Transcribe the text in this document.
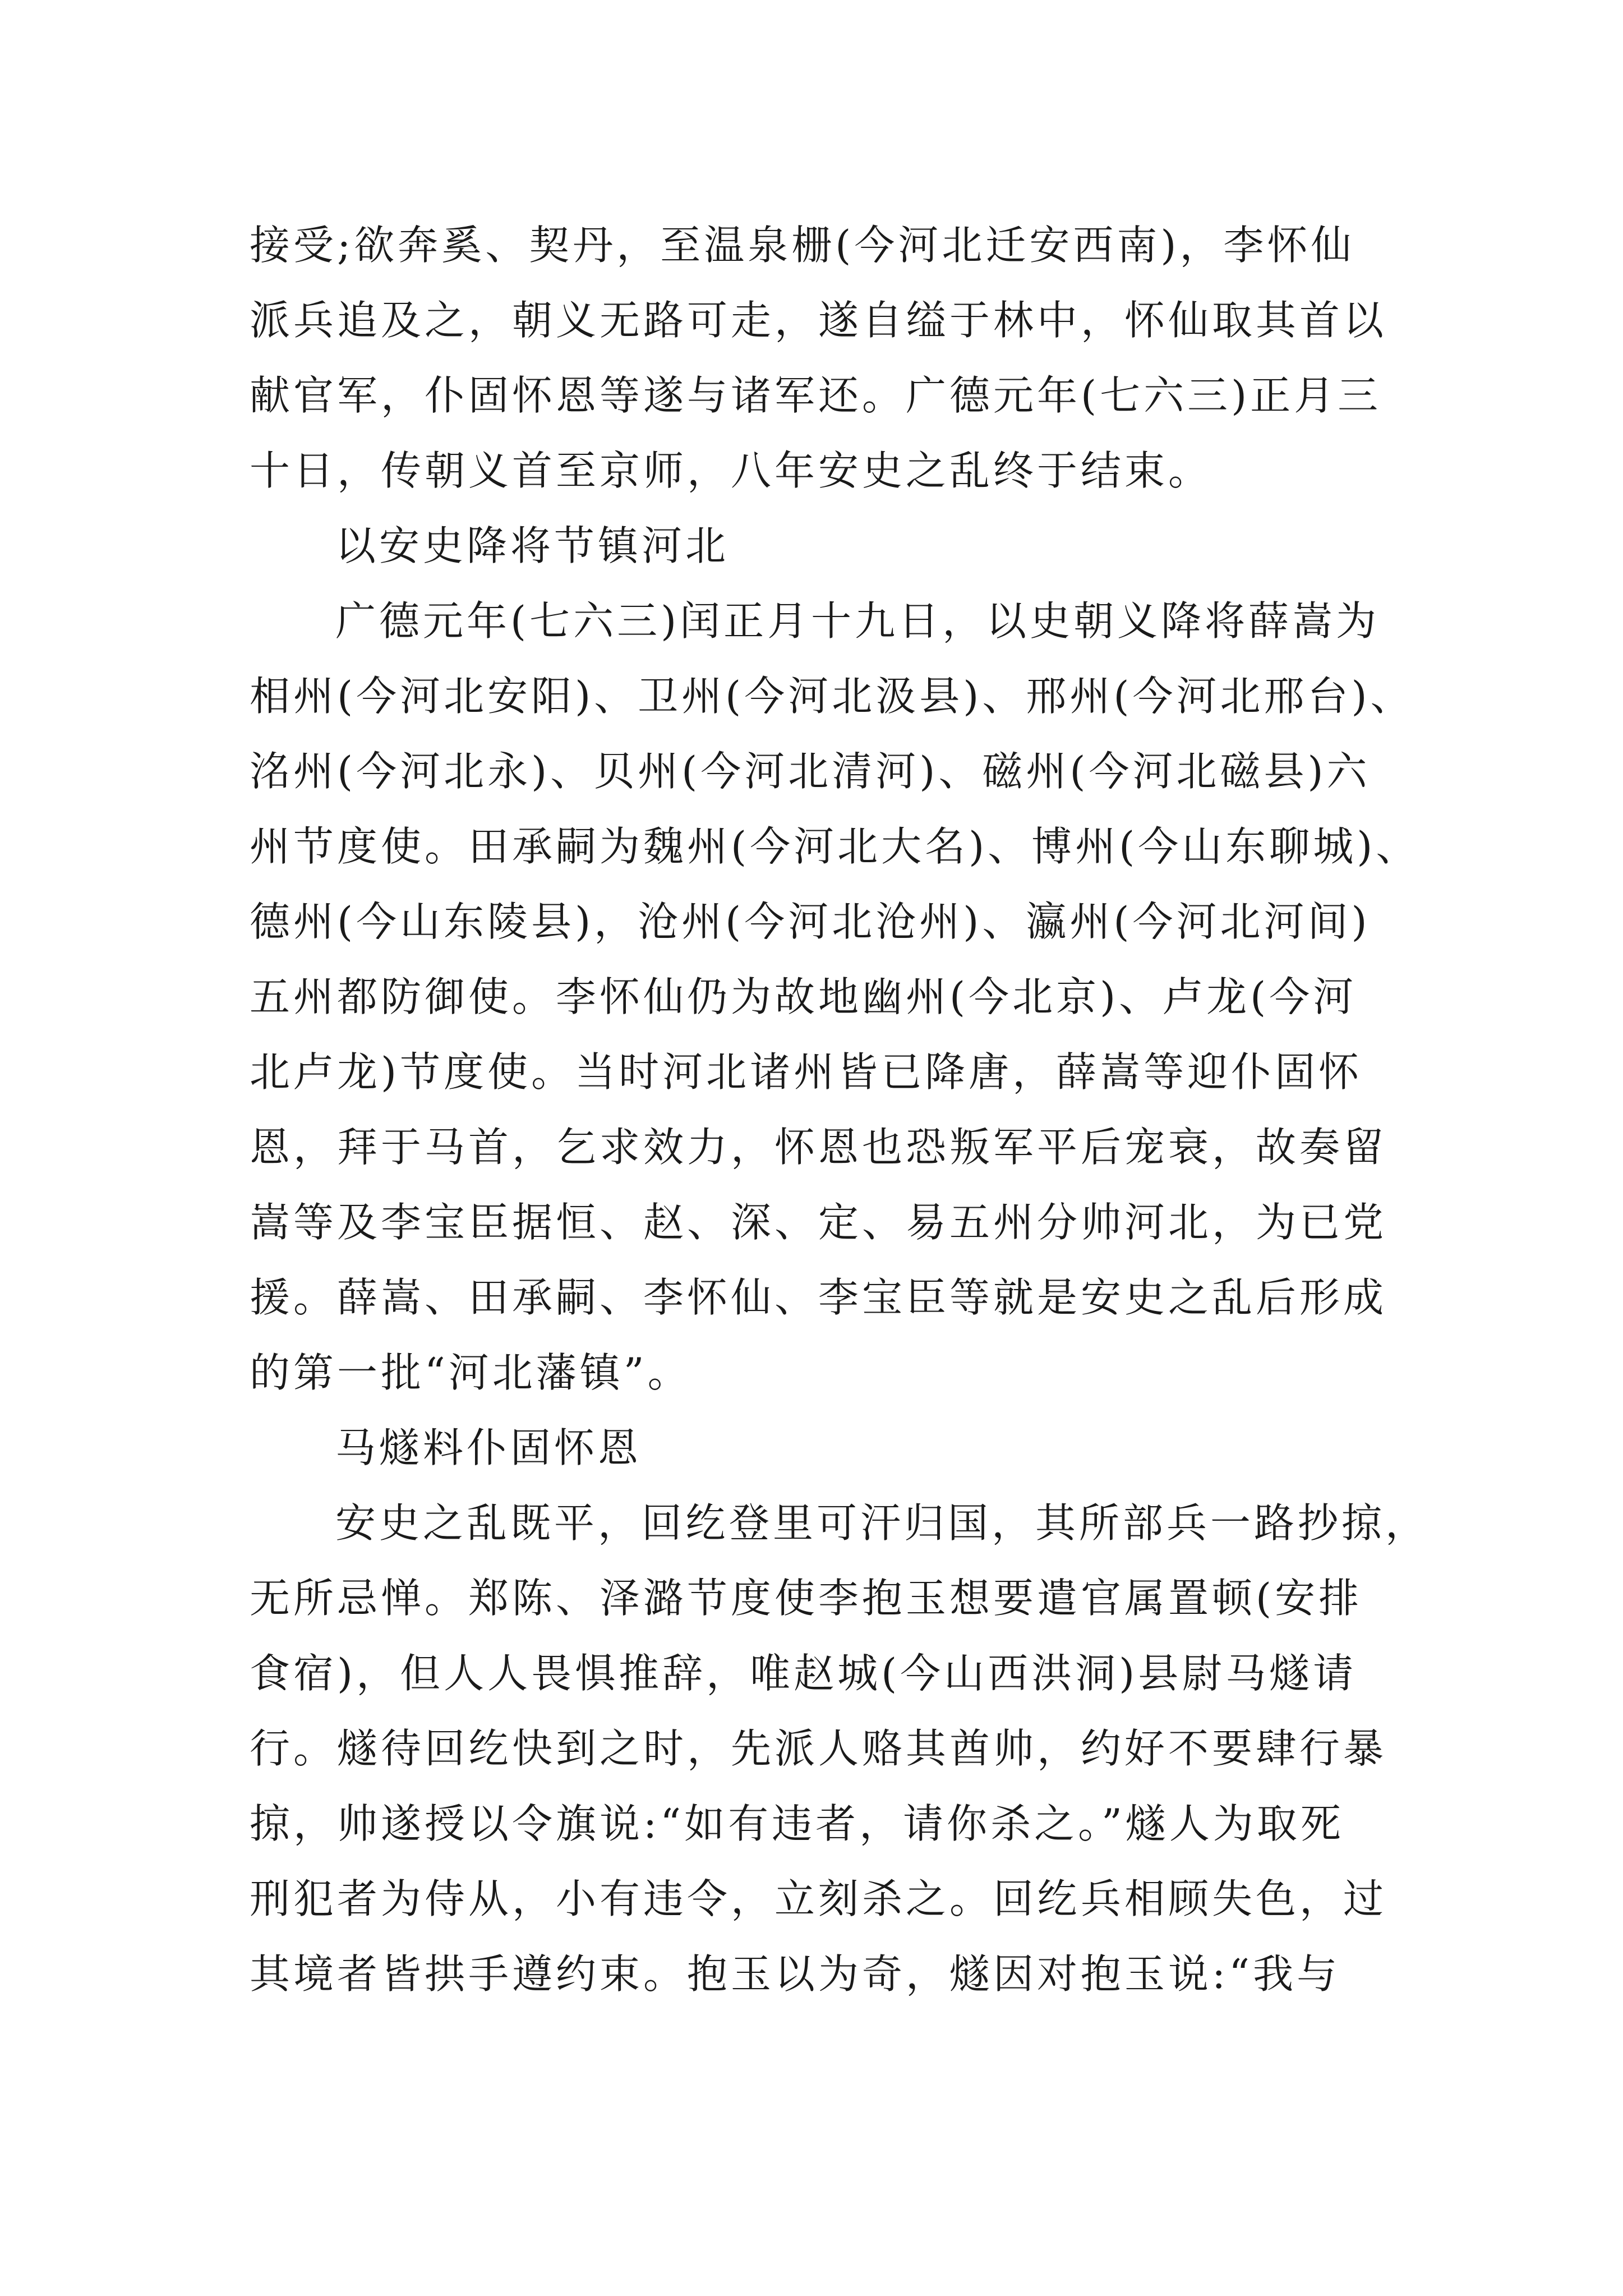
接受;欲奔奚、契丹，至温泉栅(今河北迁安西南)，李怀仙

派兵追及之，朝义无路可走，遂自缢于林中，怀仙取其首以

献官军，仆固怀恩等遂与诸军还。广德元年(七六三)正月三

十日，传朝义首至京师，八年安史之乱终于结束。

以安史降将节镇河北

广德元年(七六三)闰正月十九日，以史朝义降将薛嵩为

相州(今河北安阳)、卫州(今河北汲县)、邢州(今河北邢台)、

洺州(今河北永)、贝州(今河北清河)、磁州(今河北磁县)六

州节度使。田承嗣为魏州(今河北大名)、博州(今山东聊城)、

德州(今山东陵县)，沧州(今河北沧州)、瀛州(今河北河间)

五州都防御使。李怀仙仍为故地幽州(今北京)、卢龙(今河

北卢龙)节度使。当时河北诸州皆已降唐，薛嵩等迎仆固怀

恩，拜于马首，乞求效力，怀恩也恐叛军平后宠衰，故奏留

嵩等及李宝臣据恒、赵、深、定、易五州分帅河北，为已党

援。薛嵩、田承嗣、李怀仙、李宝臣等就是安史之乱后形成

的第一批“河北藩镇”。

马燧料仆固怀恩

安史之乱既平，回纥登里可汗归国，其所部兵一路抄掠，

无所忌惮。郑陈、泽潞节度使李抱玉想要遣官属置顿(安排

食宿)，但人人畏惧推辞，唯赵城(今山西洪洞)县尉马燧请

行。燧待回纥快到之时，先派人赂其酋帅，约好不要肆行暴

掠，帅遂授以令旗说:“如有违者，请你杀之。”燧人为取死

刑犯者为侍从，小有违令，立刻杀之。回纥兵相顾失色，过

其境者皆拱手遵约束。抱玉以为奇，燧因对抱玉说:“我与
